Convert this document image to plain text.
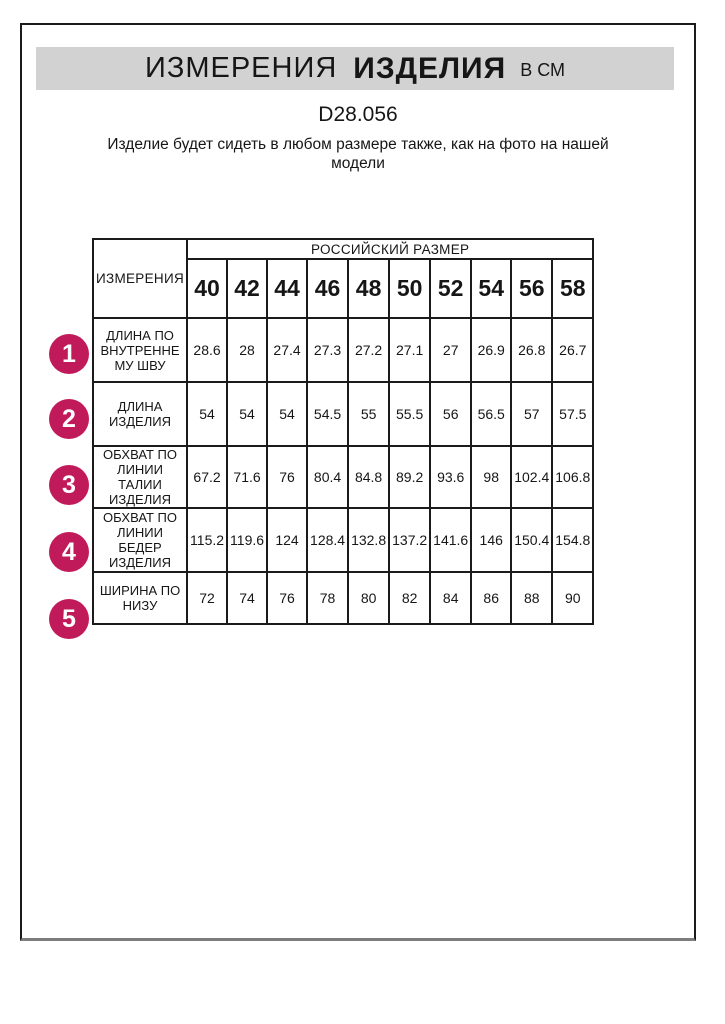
ИЗМЕРЕНИЯ ИЗДЕЛИЯ В СМ
D28.056
Изделие будет сидеть в любом размере также, как на фото на нашей модели
ИЗМЕРЕНИЯ	РОССИЙСКИЙ РАЗМЕР									
	40	42	44	46	48	50	52	54	56	58
ДЛИНА ПО ВНУТРЕННЕМУ ШВУ	28.6	28	27.4	27.3	27.2	27.1	27	26.9	26.8	26.7
ДЛИНА ИЗДЕЛИЯ	54	54	54	54.5	55	55.5	56	56.5	57	57.5
ОБХВАТ ПО ЛИНИИ ТАЛИИ ИЗДЕЛИЯ	67.2	71.6	76	80.4	84.8	89.2	93.6	98	102.4	106.8
ОБХВАТ ПО ЛИНИИ БЕДЕР ИЗДЕЛИЯ	115.2	119.6	124	128.4	132.8	137.2	141.6	146	150.4	154.8
ШИРИНА ПО НИЗУ	72	74	76	78	80	82	84	86	88	90
1
2
3
4
5
